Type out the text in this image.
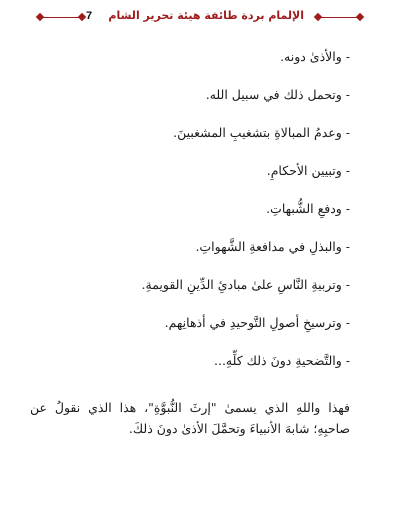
7 الإلمام بردة طائفة هيئة تحرير الشام
- والأذىٰ دونه.
- وتحمل ذلك في سبيل الله.
- وعدمُ المبالاةِ بتشغيبِ المشغبينَ.
- وتبيين الأحكامِ.
- ودفعِ الشُّبهاتِ.
- والبذلِ في مدافعةِ الشَّهواتِ.
- وتربيةِ النَّاسِ علىٰ مبادئِ الدِّينِ القويمةِ.
- وترسيخِ أصولِ التَّوحيدِ في أذهانِهم.
- والتَّضحيةِ دونَ ذلك كلِّهِ...

فهذا واللهِ الذي يسمىٰ "إرثَ النُّبوَّةِ"، هذا الذي نقولُ عن صاحبِهِ؛ شابهَ الأنبياءَ وتحمَّلَ الأذىٰ دونَ ذلكَ.
